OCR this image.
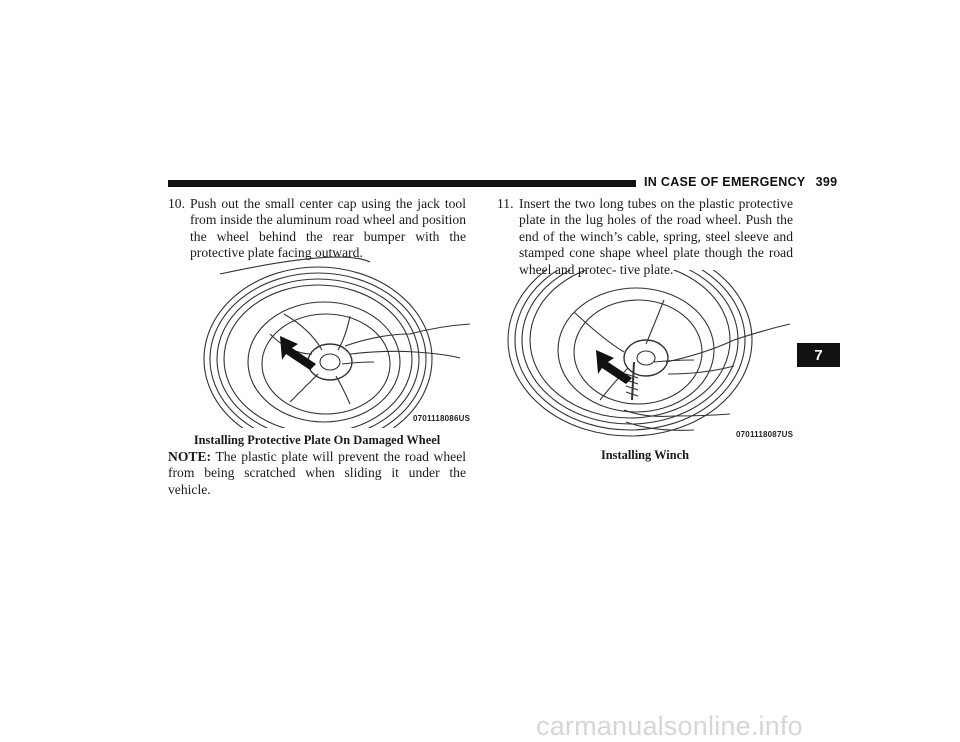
IN CASE OF EMERGENCY 399
10. Push out the small center cap using the jack tool from inside the aluminum road wheel and position the wheel behind the rear bumper with the protective plate facing outward.
0701118086US
Installing Protective Plate On Damaged Wheel
NOTE: The plastic plate will prevent the road wheel from being scratched when sliding it under the vehicle.
11. Insert the two long tubes on the plastic protective plate in the lug holes of the road wheel. Push the end of the winch’s cable, spring, steel sleeve and stamped cone shape wheel plate though the road wheel and protec- tive plate.
0701118087US
Installing Winch
7
carmanualsonline.info
